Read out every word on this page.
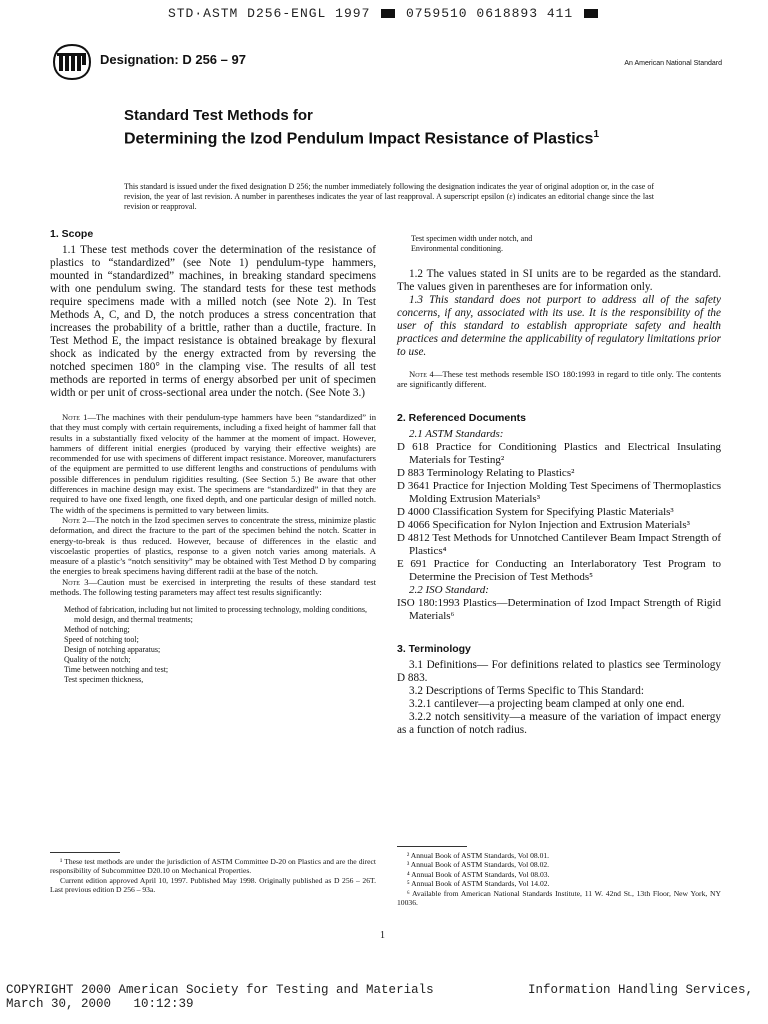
STD·ASTM D256-ENGL 1997	0759510 0618893 411
Designation: D 256 – 97	An American National Standard
Standard Test Methods for
Determining the Izod Pendulum Impact Resistance of Plastics$^1$

This standard is issued under the fixed designation D 256; the number immediately following the designation indicates the year of original adoption or, in the case of revision, the year of last revision. A number in parentheses indicates the year of last reapproval. A superscript epsilon (ε) indicates an editorial change since the last revision or reapproval.

1. Scope

1.1 These test methods cover the determination of the resistance of plastics to “standardized” (see Note 1) pendulum-type hammers, mounted in “standardized” machines, in breaking standard specimens with one pendulum swing. The standard tests for these test methods require specimens made with a milled notch (see Note 2). In Test Methods A, C, and D, the notch produces a stress concentration that increases the probability of a brittle, rather than a ductile, fracture. In Test Method E, the impact resistance is obtained breakage by flexural shock as indicated by the energy extracted from by reversing the notched specimen 180° in the clamping vise. The results of all test methods are reported in terms of energy absorbed per unit of specimen width or per unit of cross-sectional area under the notch. (See Note 3.)

Note 1—The machines with their pendulum-type hammers have been “standardized” in that they must comply with certain requirements, including a fixed height of hammer fall that results in a substantially fixed velocity of the hammer at the moment of impact. However, hammers of different initial energies (produced by varying their effective weights) are recommended for use with specimens of different impact resistance. Moreover, manufacturers of the equipment are permitted to use different lengths and constructions of pendulums with possible differences in pendulum rigidities resulting. (See Section 5.) Be aware that other differences in machine design may exist. The specimens are “standardized” in that they are required to have one fixed length, one fixed depth, and one particular design of milled notch. The width of the specimens is permitted to vary between limits.

Note 2—The notch in the Izod specimen serves to concentrate the stress, minimize plastic deformation, and direct the fracture to the part of the specimen behind the notch. Scatter in energy-to-break is thus reduced. However, because of differences in the elastic and viscoelastic properties of plastics, response to a given notch varies among materials. A measure of a plastic’s “notch sensitivity” may be obtained with Test Method D by comparing the energies to break specimens having different radii at the base of the notch.

Note 3—Caution must be exercised in interpreting the results of these standard test methods. The following testing parameters may affect test results significantly:

Method of fabrication, including but not limited to processing technology, molding conditions, mold design, and thermal treatments;
Method of notching;
Speed of notching tool;
Design of notching apparatus;
Quality of the notch;
Time between notching and test;
Test specimen thickness,

¹ These test methods are under the jurisdiction of ASTM Committee D-20 on Plastics and are the direct responsibility of Subcommittee D20.10 on Mechanical Properties.

Current edition approved April 10, 1997. Published May 1998. Originally published as D 256 – 26T. Last previous edition D 256 – 93a.

Test specimen width under notch, and
Environmental conditioning.

1.2 The values stated in SI units are to be regarded as the standard. The values given in parentheses are for information only.

1.3 This standard does not purport to address all of the safety concerns, if any, associated with its use. It is the responsibility of the user of this standard to establish appropriate safety and health practices and determine the applicability of regulatory limitations prior to use.

Note 4—These test methods resemble ISO 180:1993 in regard to title only. The contents are significantly different.

2. Referenced Documents

2.1 ASTM Standards:

D 618 Practice for Conditioning Plastics and Electrical Insulating Materials for Testing²

D 883 Terminology Relating to Plastics²

D 3641 Practice for Injection Molding Test Specimens of Thermoplastics Molding Extrusion Materials³

D 4000 Classification System for Specifying Plastic Materials³

D 4066 Specification for Nylon Injection and Extrusion Materials³

D 4812 Test Methods for Unnotched Cantilever Beam Impact Strength of Plastics⁴

E 691 Practice for Conducting an Interlaboratory Test Program to Determine the Precision of Test Methods⁵

2.2 ISO Standard:

ISO 180:1993 Plastics—Determination of Izod Impact Strength of Rigid Materials⁶

3. Terminology

3.1 Definitions— For definitions related to plastics see Terminology D 883.

3.2 Descriptions of Terms Specific to This Standard:

3.2.1 cantilever—a projecting beam clamped at only one end.

3.2.2 notch sensitivity—a measure of the variation of impact energy as a function of notch radius.

² Annual Book of ASTM Standards, Vol 08.01.

³ Annual Book of ASTM Standards, Vol 08.02.

⁴ Annual Book of ASTM Standards, Vol 08.03.

⁵ Annual Book of ASTM Standards, Vol 14.02.

⁶ Available from American National Standards Institute, 11 W. 42nd St., 13th Floor, New York, NY 10036.

1
COPYRIGHT 2000 American Society for Testing and Materials
March 30, 2000   10:12:39
Information Handling Services,
